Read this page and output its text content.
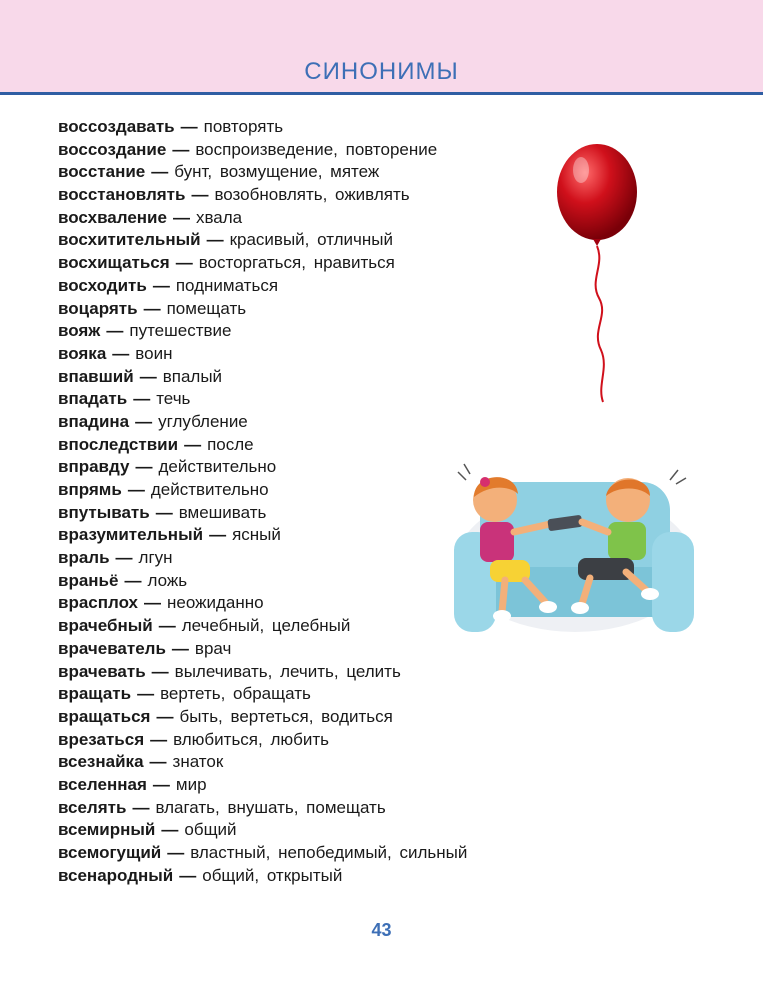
СИНОНИМЫ
воссоздавать — повторять
воссоздание — воспроизведение, повторение
восстание — бунт, возмущение, мятеж
восстановлять — возобновлять, оживлять
восхваление — хвала
восхитительный — красивый, отличный
восхищаться — восторгаться, нравиться
восходить — подниматься
воцарять — помещать
вояж — путешествие
вояка — воин
впавший — впалый
впадать — течь
впадина — углубление
впоследствии — после
вправду — действительно
впрямь — действительно
впутывать — вмешивать
вразумительный — ясный
враль — лгун
враньё — ложь
врасплох — неожиданно
врачебный — лечебный, целебный
врачеватель — врач
врачевать — вылечивать, лечить, целить
вращать — вертеть, обращать
вращаться — быть, вертеться, водиться
врезаться — влюбиться, любить
всезнайка — знаток
вселенная — мир
вселять — влагать, внушать, помещать
всемирный — общий
всемогущий — властный, непобедимый, сильный
всенародный — общий, открытый
43
